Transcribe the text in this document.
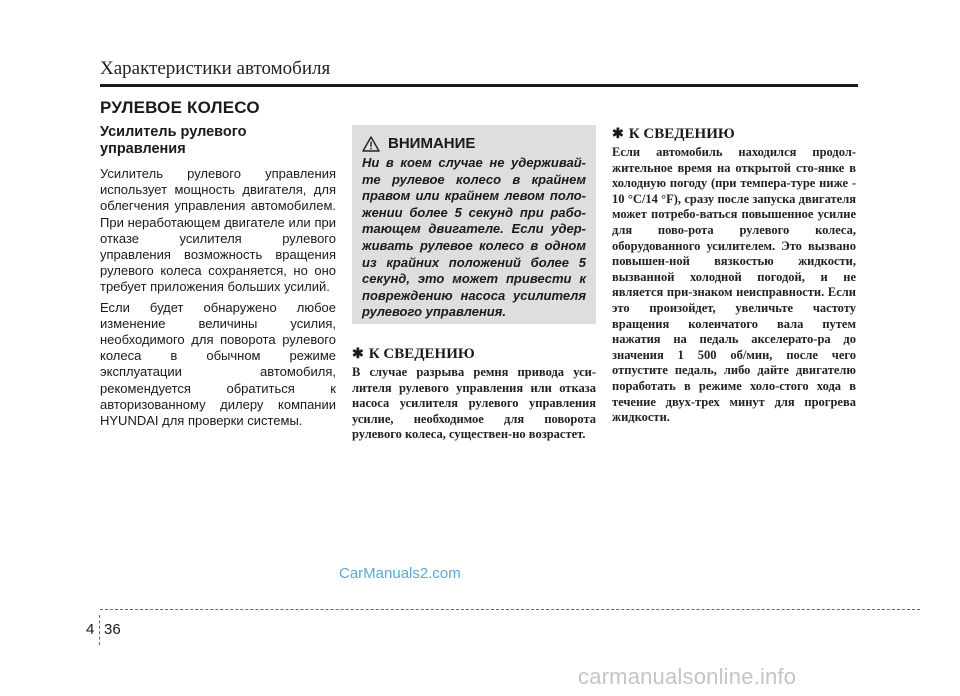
Характеристики автомобиля
РУЛЕВОЕ КОЛЕСО
Усилитель рулевого управления

Усилитель рулевого управления использует мощность двигателя, для облегчения управления автомобилем. При неработающем двигателе или при отказе усилителя рулевого управления возможность вращения рулевого колеса сохраняется, но оно требует приложения больших усилий.

Если будет обнаружено любое изменение величины усилия, необходимого для поворота рулевого колеса в обычном режиме эксплуатации автомобиля, рекомендуется обратиться к авторизованному дилеру компании HYUNDAI для проверки системы.

ВНИМАНИЕ

Ни в коем случае не удерживай-те рулевое колесо в крайнем правом или крайнем левом поло-жении более 5 секунд при рабо-тающем двигателе. Если удер-живать рулевое колесо в одном из крайних положений более 5 секунд, это может привести к повреждению насоса усилителя рулевого управления.

✱ К СВЕДЕНИЮ

В случае разрыва ремня привода уси-лителя рулевого управления или отказа насоса усилителя рулевого управления усилие, необходимое для поворота рулевого колеса, существен-но возрастет.

✱ К СВЕДЕНИЮ

Если автомобиль находился продол-жительное время на открытой сто-янке в холодную погоду (при темпера-туре ниже - 10 °C/14 °F), сразу после запуска двигателя может потребо-ваться повышенное усилие для пово-рота рулевого колеса, оборудованного усилителем. Это вызвано повышен-ной вязкостью жидкости, вызванной холодной погодой, и не является при-знаком неисправности. Если это произойдет, увеличьте частоту вращения коленчатого вала путем нажатия на педаль акселерато-ра до значения 1 500 об/мин, после чего отпустите педаль, либо дайте двигателю поработать в режиме холо-стого хода в течение двух-трех минут для прогрева жидкости.

CarManuals2.com
4 36
carmanualsonline.info
